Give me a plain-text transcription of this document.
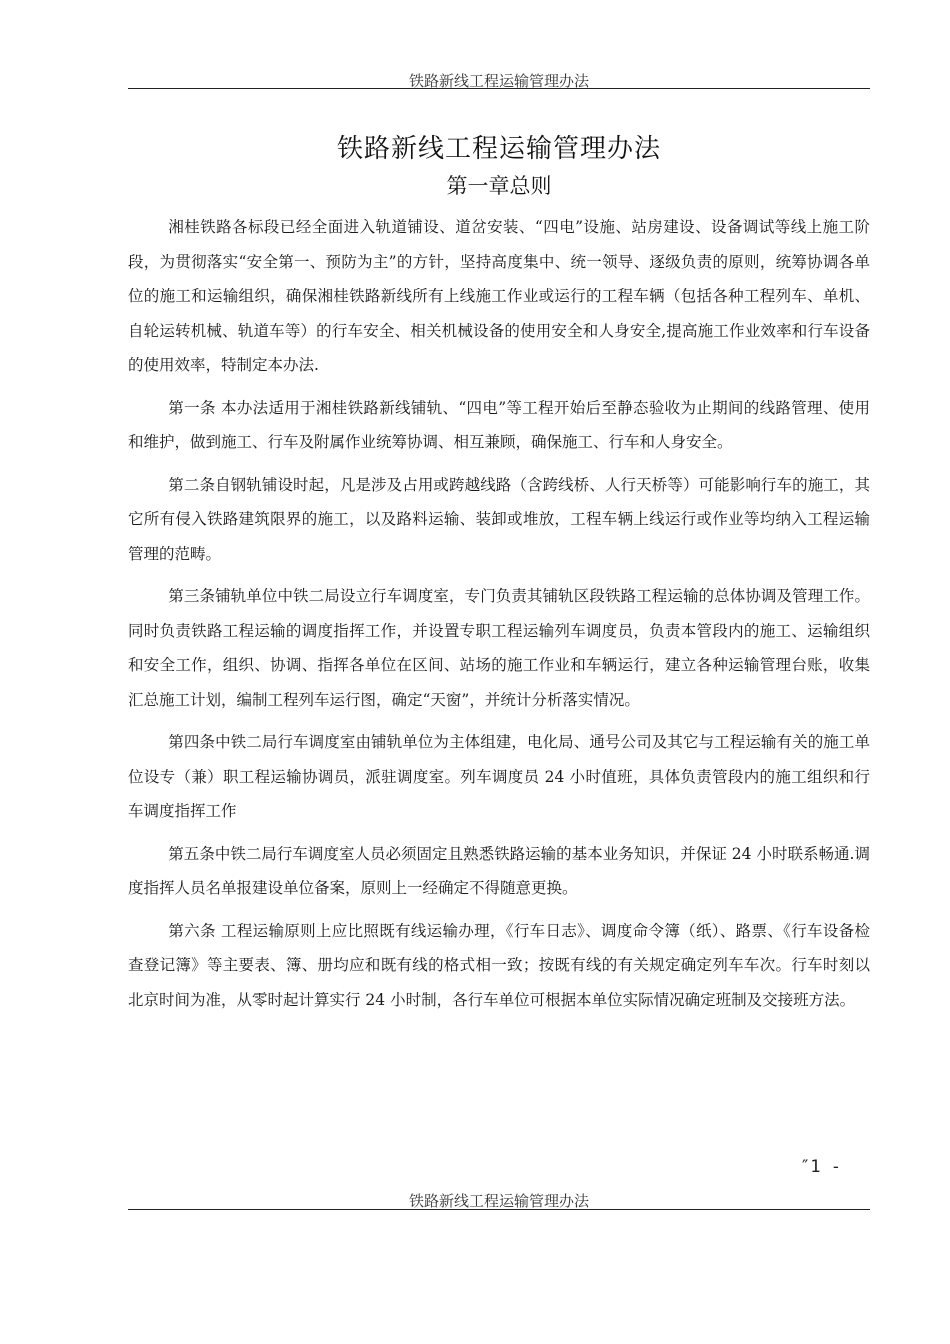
铁路新线工程运输管理办法
铁路新线工程运输管理办法
第一章总则

湘桂铁路各标段已经全面进入轨道铺设、道岔安装、“四电”设施、站房建设、设备调试等线上施工阶段，为贯彻落实“安全第一、预防为主”的方针，坚持高度集中、统一领导、逐级负责的原则，统筹协调各单位的施工和运输组织，确保湘桂铁路新线所有上线施工作业或运行的工程车辆（包括各种工程列车、单机、自轮运转机械、轨道车等）的行车安全、相关机械设备的使用安全和人身安全,提高施工作业效率和行车设备的使用效率，特制定本办法.

第一条 本办法适用于湘桂铁路新线铺轨、“四电”等工程开始后至静态验收为止期间的线路管理、使用和维护，做到施工、行车及附属作业统筹协调、相互兼顾，确保施工、行车和人身安全。

第二条自钢轨铺设时起，凡是涉及占用或跨越线路（含跨线桥、人行天桥等）可能影响行车的施工，其它所有侵入铁路建筑限界的施工，以及路料运输、装卸或堆放，工程车辆上线运行或作业等均纳入工程运输管理的范畴。

第三条铺轨单位中铁二局设立行车调度室，专门负责其铺轨区段铁路工程运输的总体协调及管理工作。同时负责铁路工程运输的调度指挥工作，并设置专职工程运输列车调度员，负责本管段内的施工、运输组织和安全工作，组织、协调、指挥各单位在区间、站场的施工作业和车辆运行，建立各种运输管理台账，收集汇总施工计划，编制工程列车运行图，确定“天窗”，并统计分析落实情况。

第四条中铁二局行车调度室由铺轨单位为主体组建，电化局、通号公司及其它与工程运输有关的施工单位设专（兼）职工程运输协调员，派驻调度室。列车调度员 24 小时值班，具体负责管段内的施工组织和行车调度指挥工作

第五条中铁二局行车调度室人员必须固定且熟悉铁路运输的基本业务知识，并保证 24 小时联系畅通.调度指挥人员名单报建设单位备案，原则上一经确定不得随意更换。

第六条 工程运输原则上应比照既有线运输办理，《行车日志》、调度命令簿（纸）、路票、《行车设备检查登记簿》等主要表、簿、册均应和既有线的格式相一致；按既有线的有关规定确定列车车次。行车时刻以北京时间为准，从零时起计算实行 24 小时制，各行车单位可根据本单位实际情况确定班制及交接班方法。

″1 -
铁路新线工程运输管理办法
